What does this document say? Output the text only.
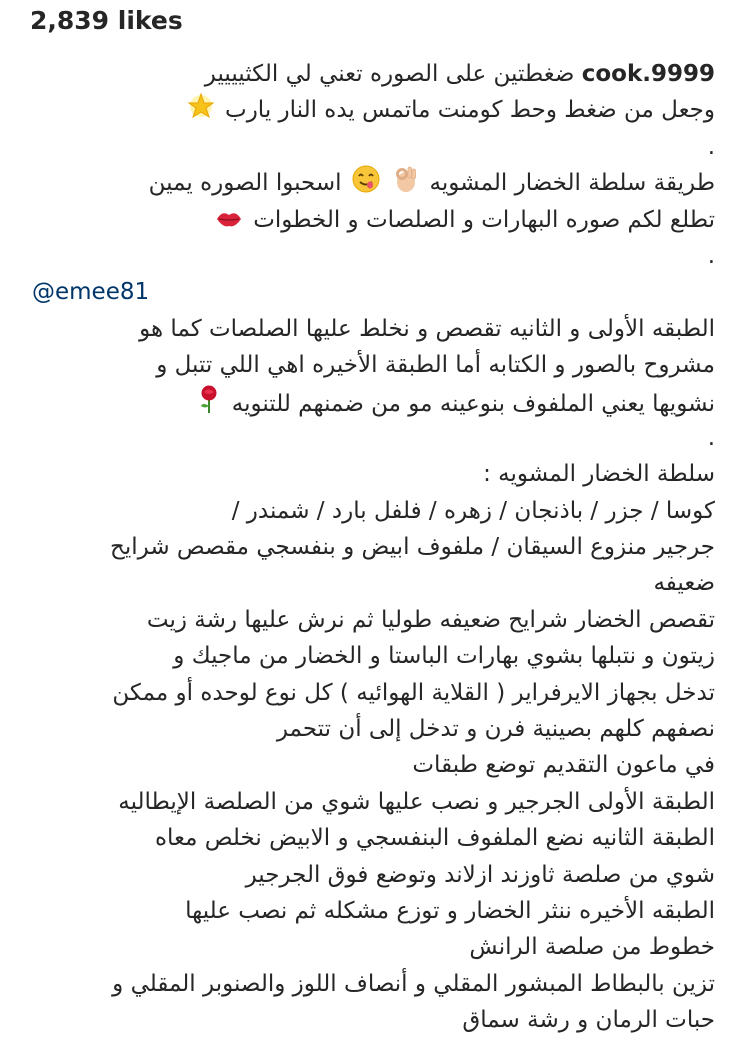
2,839 likes
cook.9999 ضغطتين على الصوره تعني لي الكثيييير
وجعل من ضغط وحط كومنت ماتمس يده النار يارب
.
طريقة سلطة الخضار المشويه   اسحبوا الصوره يمين
تطلع لكم صوره البهارات و الصلصات و الخطوات
.
@emee81
الطبقه الأولى و الثانيه تقصص و نخلط عليها الصلصات كما هو
مشروح بالصور و الكتابه أما الطبقة الأخيره اهي اللي تتبل و
نشويها يعني الملفوف بنوعينه مو من ضمنهم للتنويه
.
سلطة الخضار المشويه :
كوسا / جزر / باذنجان / زهره / فلفل بارد / شمندر /
جرجير منزوع السيقان / ملفوف ابيض و بنفسجي مقصص شرايح ضعيفه
تقصص الخضار شرايح ضعيفه طوليا ثم نرش عليها رشة زيت
زيتون و نتبلها بشوي بهارات الباستا و الخضار من ماجيك و
تدخل بجهاز الايرفراير ( القلاية الهوائيه ) كل نوع لوحده أو ممكن
نصفهم كلهم بصينية فرن و تدخل إلى أن تتحمر
في ماعون التقديم توضع طبقات
الطبقة الأولى الجرجير و نصب عليها شوي من الصلصة الإيطاليه
الطبقة الثانيه نضع الملفوف البنفسجي و الابيض نخلص معاه
شوي من صلصة ثاوزند ازلاند وتوضع فوق الجرجير
الطبقه الأخيره ننثر الخضار و توزع مشكله ثم نصب عليها
خطوط من صلصة الرانش
تزين بالبطاط المبشور المقلي و أنصاف اللوز والصنوبر المقلي و
حبات الرمان و رشة سماق
